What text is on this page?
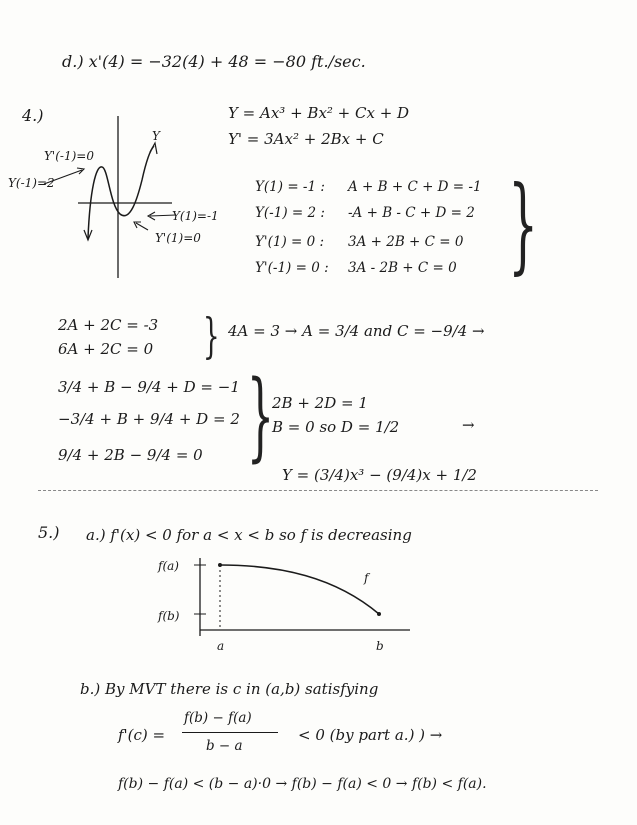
d.) x'(4) = −32(4) + 48 = −80 ft./sec.
4.)
Y
Y'(-1)=0
Y(-1)=2
Y(1)=-1
Y'(1)=0
Y = Ax³ + Bx² + Cx + D
Y' = 3Ax² + 2Bx + C
Y(1) = -1 : A + B + C + D = -1
Y(-1) = 2 : -A + B - C + D = 2
Y'(1) = 0 : 3A + 2B + C = 0
Y'(-1) = 0 : 3A - 2B + C = 0 }
2A + 2C = -3
6A + 2C = 0 } 4A = 3 → A = 3/4 and C = −9/4 →
3/4 + B − 9/4 + D = −1
−3/4 + B + 9/4 + D = 2
9/4 + 2B − 9/4 = 0 }
2B + 2D = 1
B = 0 so D = 1/2	→
Y = (3/4)x³ − (9/4)x + 1/2
5.) a.) f'(x) < 0 for a < x < b so f is decreasing
f(a)
f(b)
f
a	b
b.) By MVT there is c in (a,b) satisfying
f'(c) =
f(b) − f(a)
b − a
< 0 (by part a.) ) →
f(b) − f(a) < (b − a)·0 → f(b) − f(a) < 0 → f(b) < f(a).
